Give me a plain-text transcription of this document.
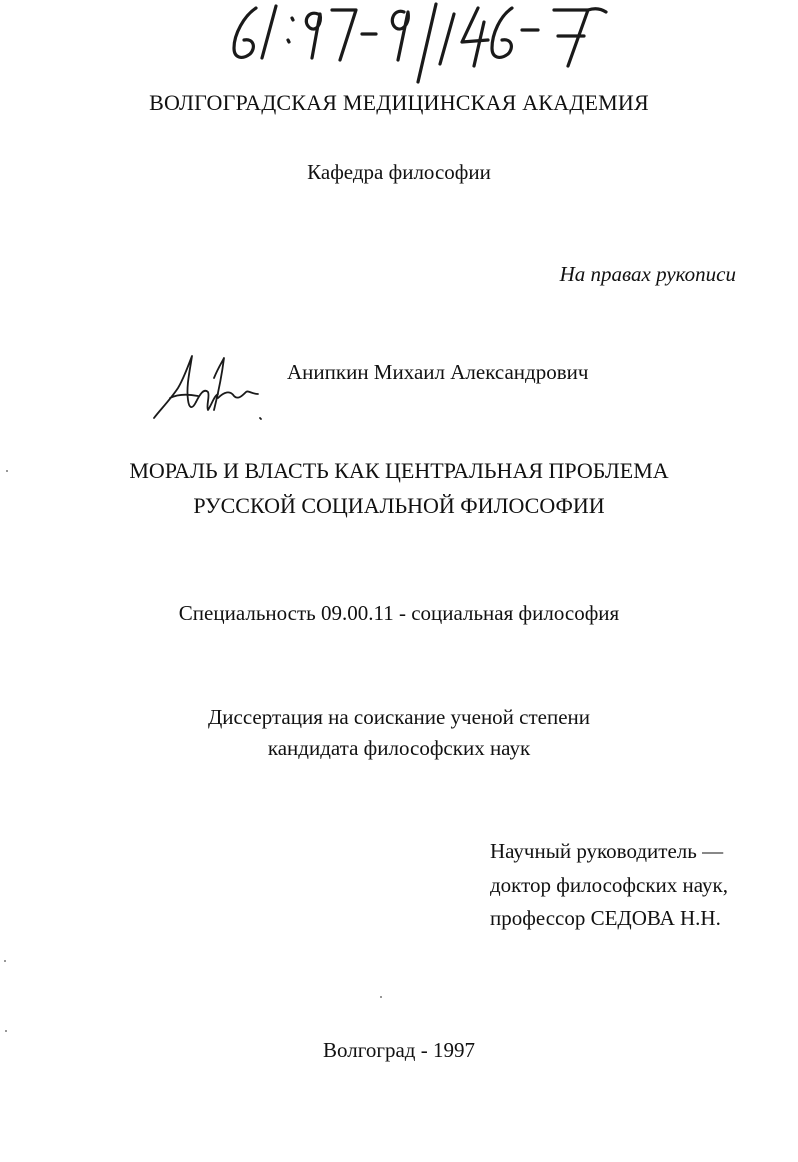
ВОЛГОГРАДСКАЯ МЕДИЦИНСКАЯ АКАДЕМИЯ
Кафедра философии
На правах рукописи
Анипкин Михаил Александрович
МОРАЛЬ И ВЛАСТЬ КАК ЦЕНТРАЛЬНАЯ ПРОБЛЕМА
РУССКОЙ СОЦИАЛЬНОЙ ФИЛОСОФИИ
Специальность 09.00.11 - социальная философия
Диссертация на соискание ученой степени
кандидата философских наук
Научный руководитель —
доктор философских наук,
профессор СЕДОВА Н.Н.
Волгоград - 1997
